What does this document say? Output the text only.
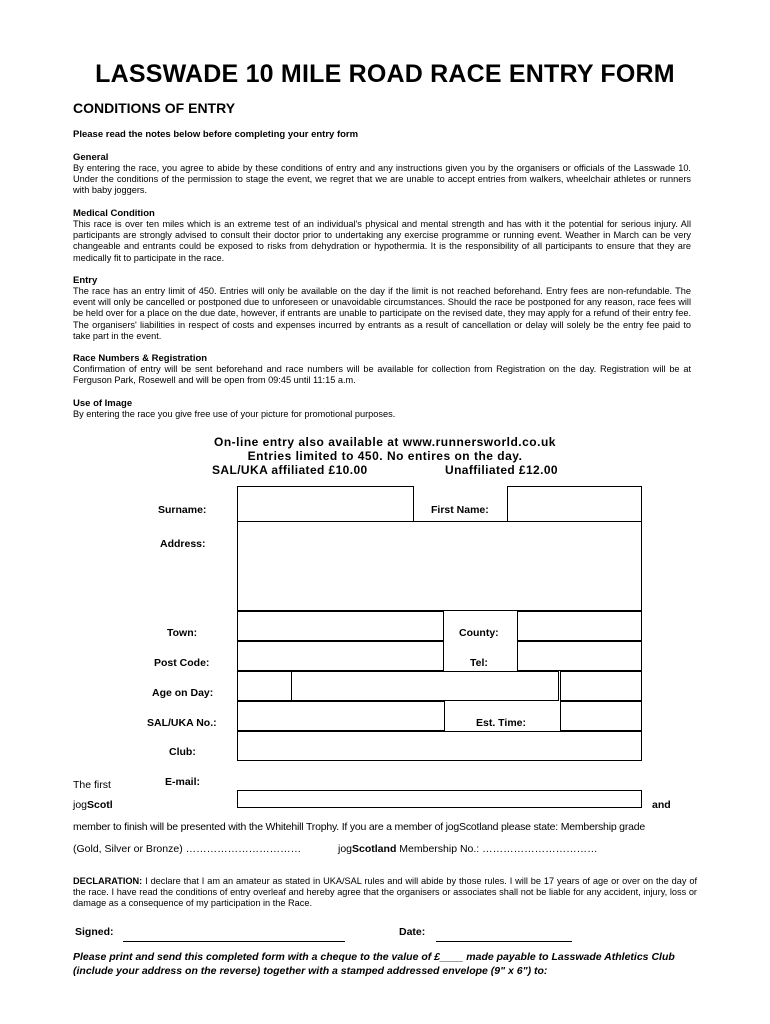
LASSWADE 10 MILE ROAD RACE ENTRY FORM
CONDITIONS OF ENTRY
Please read the notes below before completing your entry form
General
By entering the race, you agree to abide by these conditions of entry and any instructions given you by the organisers or officials of the Lasswade 10. Under the conditions of the permission to stage the event, we regret that we are unable to accept entries from walkers, wheelchair athletes or runners with baby joggers.
Medical Condition
This race is over ten miles which is an extreme test of an individual's physical and mental strength and has with it the potential for serious injury. All participants are strongly advised to consult their doctor prior to undertaking any exercise programme or running event. Weather in March can be very changeable and entrants could be exposed to risks from dehydration or hypothermia. It is the responsibility of all participants to ensure that they are medically fit to participate in the race.
Entry
The race has an entry limit of 450. Entries will only be available on the day if the limit is not reached beforehand. Entry fees are non-refundable. The event will only be cancelled or postponed due to unforeseen or unavoidable circumstances. Should the race be postponed for any reason, race fees will be held over for a place on the due date, however, if entrants are unable to participate on the revised date, they may apply for a refund of their entry fee. The organisers' liabilities in respect of costs and expenses incurred by entrants as a result of cancellation or delay will solely be the entry fee paid to take part in the event.
Race Numbers & Registration
Confirmation of entry will be sent beforehand and race numbers will be available for collection from Registration on the day. Registration will be at Ferguson Park, Rosewell and will be open from 09:45 until 11:15 a.m.
Use of Image
By entering the race you give free use of your picture for promotional purposes.
On-line entry also available at www.runnersworld.co.uk
Entries limited to 450. No entires on the day.
SAL/UKA affiliated £10.00	Unaffiliated £12.00
Surname:	First Name:
Address:
Town:	County:
Post Code:	Tel:
Age on Day:
SAL/UKA No.:	Est. Time:
Club:
E-mail:
The first
jogScotl	and
member to finish will be presented with the Whitehill Trophy. If you are a member of jogScotland please state: Membership grade
(Gold, Silver or Bronze) ……………………………	jogScotland Membership No.: ……………………………
DECLARATION: I declare that I am an amateur as stated in UKA/SAL rules and will abide by those rules. I will be 17 years of age or over on the day of the race. I have read the conditions of entry overleaf and hereby agree that the organisers or associates shall not be liable for any accident, injury, loss or damage as a consequence of my participation in the Race.
Signed:	Date:
Please print and send this completed form with a cheque to the value of £____ made payable to Lasswade Athletics Club
(include your address on the reverse) together with a stamped addressed envelope (9" x 6") to:
